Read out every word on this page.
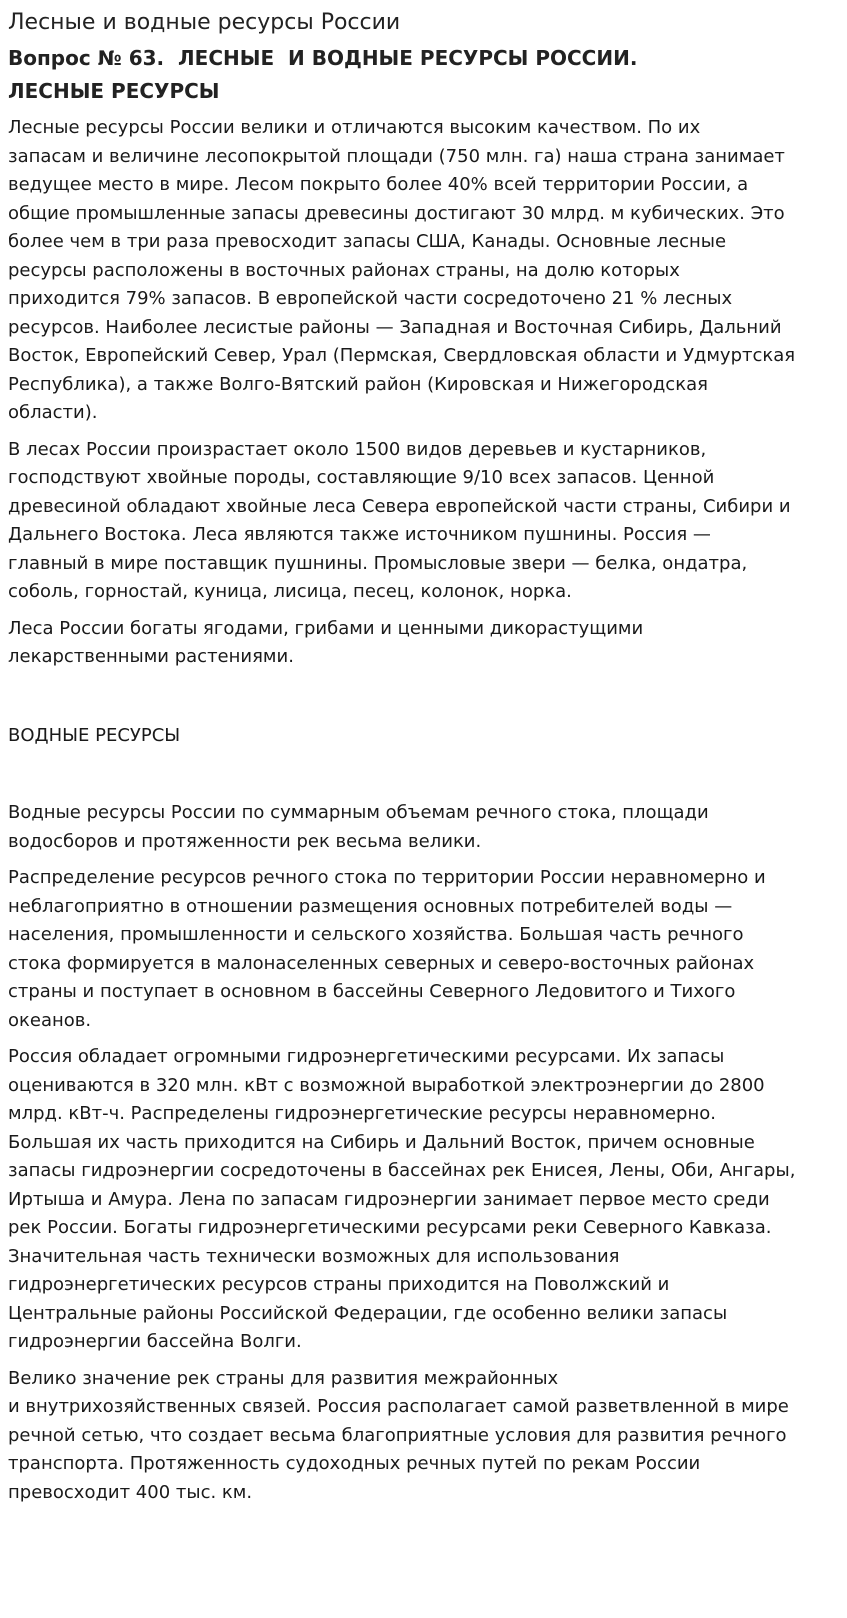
Лесные и водные ресурсы России
Вопрос № 63.  ЛЕСНЫЕ  И ВОДНЫЕ РЕСУРСЫ РОССИИ.
ЛЕСНЫЕ РЕСУРСЫ

Лесные ресурсы России велики и отличаются высоким качеством. По их
запасам и величине лесопокрытой площади (750 млн. га) наша страна занимает
ведущее место в мире. Лесом покрыто более 40% всей территории России, а
общие промышленные запасы древесины достигают 30 млрд. м кубических. Это
более чем в три раза превосходит запасы США, Канады. Основные лесные
ресурсы расположены в восточных районах страны, на долю которых
приходится 79% запасов. В европейской части сосредоточено 21 % лесных
ресурсов. Наиболее лесистые районы — Западная и Восточная Сибирь, Дальний
Восток, Европейский Север, Урал (Пермская, Свердловская области и Удмуртская
Республика), а также Волго-Вятский район (Кировская и Нижегородская
области).

В лесах России произрастает около 1500 видов деревьев и кустарников,
господствуют хвойные породы, составляющие 9/10 всех запасов. Ценной
древесиной обладают хвойные леса Севера европейской части страны, Сибири и
Дальнего Востока. Леса являются также источником пушнины. Россия —
главный в мире поставщик пушнины. Промысловые звери — белка, ондатра,
соболь, горностай, куница, лисица, песец, колонок, норка.

Леса России богаты ягодами, грибами и ценными дикорастущими
лекарственными растениями.

ВОДНЫЕ РЕСУРСЫ

Водные ресурсы России по суммарным объемам речного стока, площади
водосборов и протяженности рек весьма велики.

Распределение ресурсов речного стока по территории России неравномерно и
неблагоприятно в отношении размещения основных потребителей воды —
населения, промышленности и сельского хозяйства. Большая часть речного
стока формируется в малонаселенных северных и северо-восточных районах
страны и поступает в основном в бассейны Северного Ледовитого и Тихого
океанов.

Россия обладает огромными гидроэнергетическими ресурсами. Их запасы
оцениваются в 320 млн. кВт с возможной выработкой электроэнергии до 2800
млрд. кВт-ч. Распределены гидроэнергетические ресурсы неравномерно.
Большая их часть приходится на Сибирь и Дальний Восток, причем основные
запасы гидроэнергии сосредоточены в бассейнах рек Енисея, Лены, Оби, Ангары,
Иртыша и Амура. Лена по запасам гидроэнергии занимает первое место среди
рек России. Богаты гидроэнергетическими ресурсами реки Северного Кавказа.
Значительная часть технически возможных для использования
гидроэнергетических ресурсов страны приходится на Поволжский и
Центральные районы Российской Федерации, где особенно велики запасы
гидроэнергии бассейна Волги.

Велико значение рек страны для развития межрайонных
и внутрихозяйственных связей. Россия располагает самой разветвленной в мире
речной сетью, что создает весьма благоприятные условия для развития речного
транспорта. Протяженность судоходных речных путей по рекам России
превосходит 400 тыс. км.
